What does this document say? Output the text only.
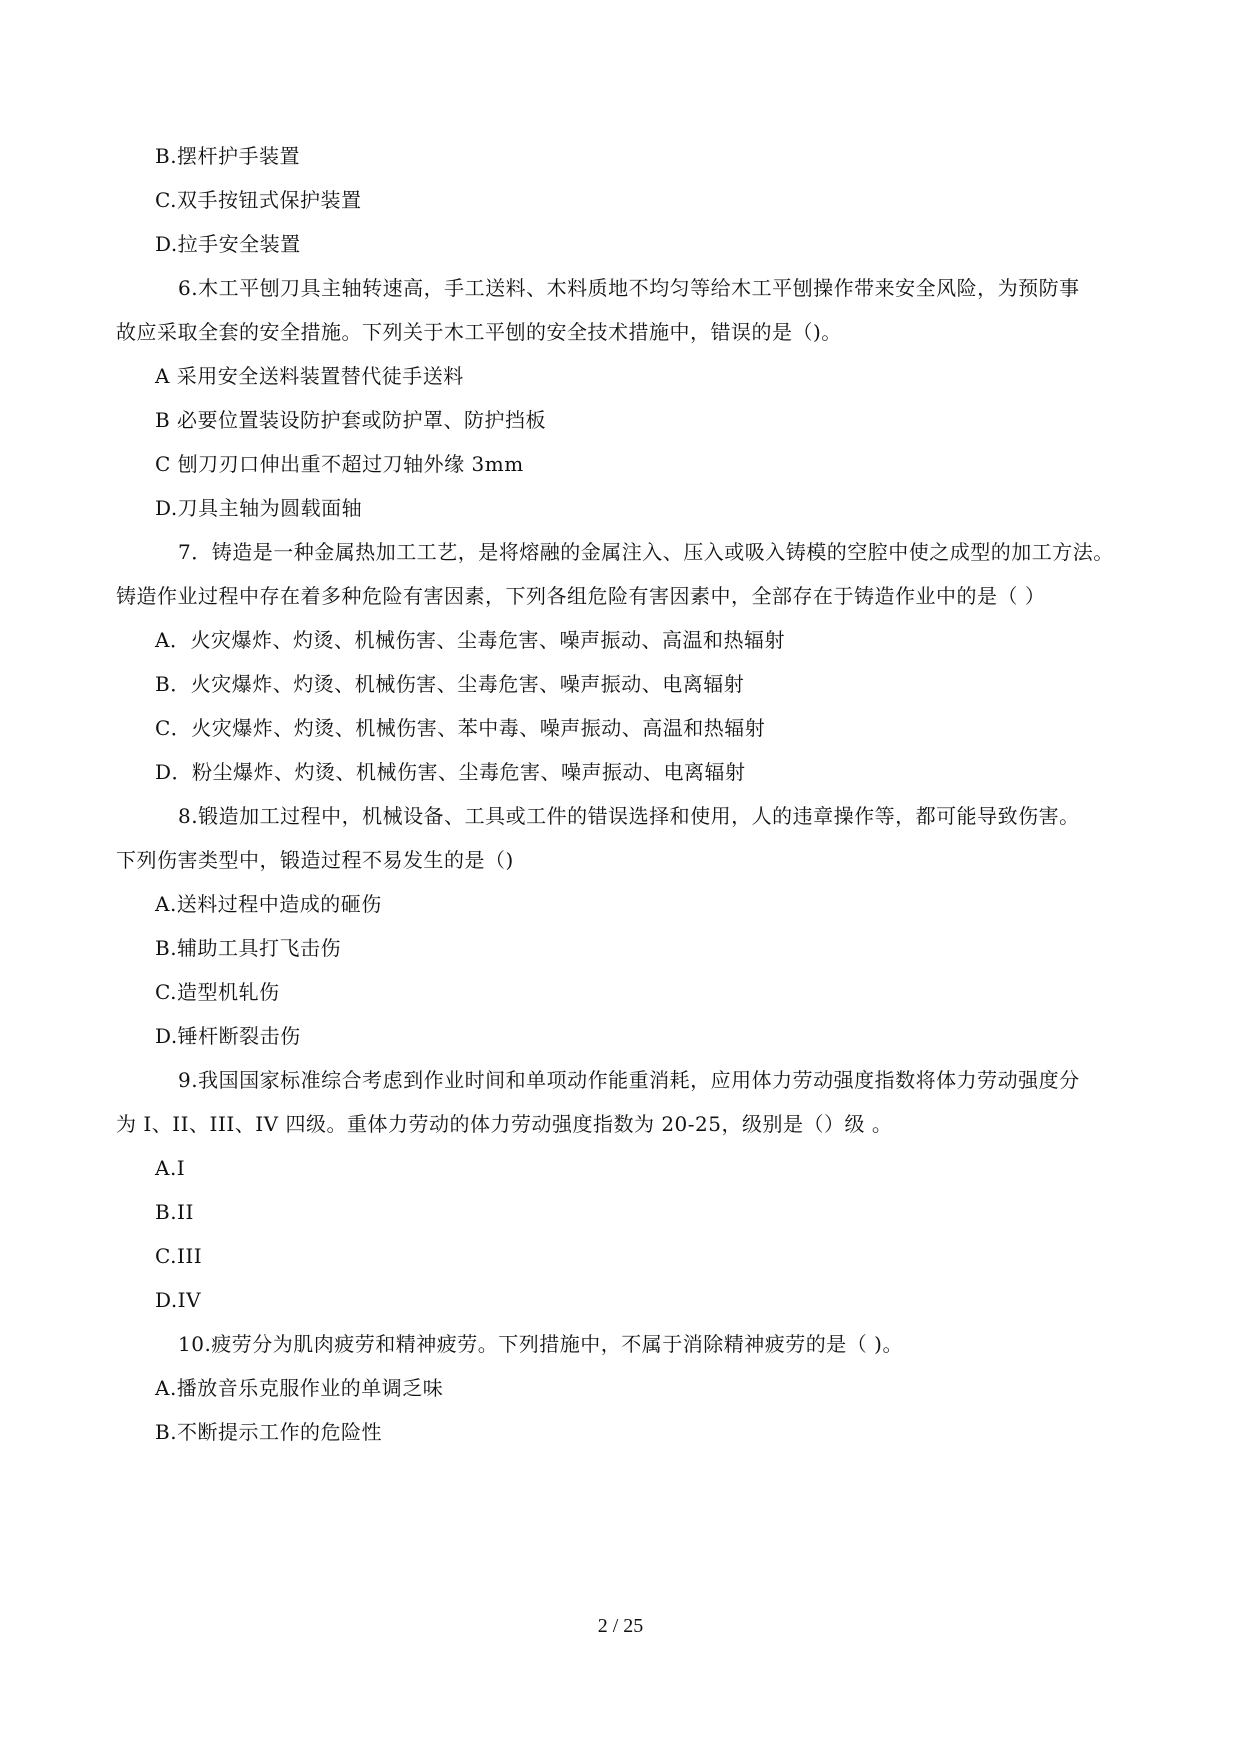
B.摆杆护手装置
C.双手按钮式保护装置
D.拉手安全装置
6.木工平刨刀具主轴转速高，手工送料、木料质地不均匀等给木工平刨操作带来安全风险，为预防事
故应采取全套的安全措施。下列关于木工平刨的安全技术措施中，错误的是（)。
A 采用安全送料装置替代徒手送料
B 必要位置装设防护套或防护罩、防护挡板
C 刨刀刃口伸出重不超过刀轴外缘 3mm
D.刀具主轴为圆载面轴
7．铸造是一种金属热加工工艺，是将熔融的金属注入、压入或吸入铸模的空腔中使之成型的加工方法。
铸造作业过程中存在着多种危险有害因素，下列各组危险有害因素中，全部存在于铸造作业中的是（ ）
A．火灾爆炸、灼烫、机械伤害、尘毒危害、噪声振动、高温和热辐射
B．火灾爆炸、灼烫、机械伤害、尘毒危害、噪声振动、电离辐射
C．火灾爆炸、灼烫、机械伤害、苯中毒、噪声振动、高温和热辐射
D．粉尘爆炸、灼烫、机械伤害、尘毒危害、噪声振动、电离辐射
8.锻造加工过程中，机械设备、工具或工件的错误选择和使用，人的违章操作等，都可能导致伤害。
下列伤害类型中，锻造过程不易发生的是（)
A.送料过程中造成的砸伤
B.辅助工具打飞击伤
C.造型机轧伤
D.锤杆断裂击伤
9.我国国家标准综合考虑到作业时间和单项动作能重消耗，应用体力劳动强度指数将体力劳动强度分
为 I、II、III、IV 四级。重体力劳动的体力劳动强度指数为 20-25，级别是（）级 。
A.I
B.II
C.III
D.IV
10.疲劳分为肌肉疲劳和精神疲劳。下列措施中，不属于消除精神疲劳的是（ )。
A.播放音乐克服作业的单调乏味
B.不断提示工作的危险性
2 / 25
